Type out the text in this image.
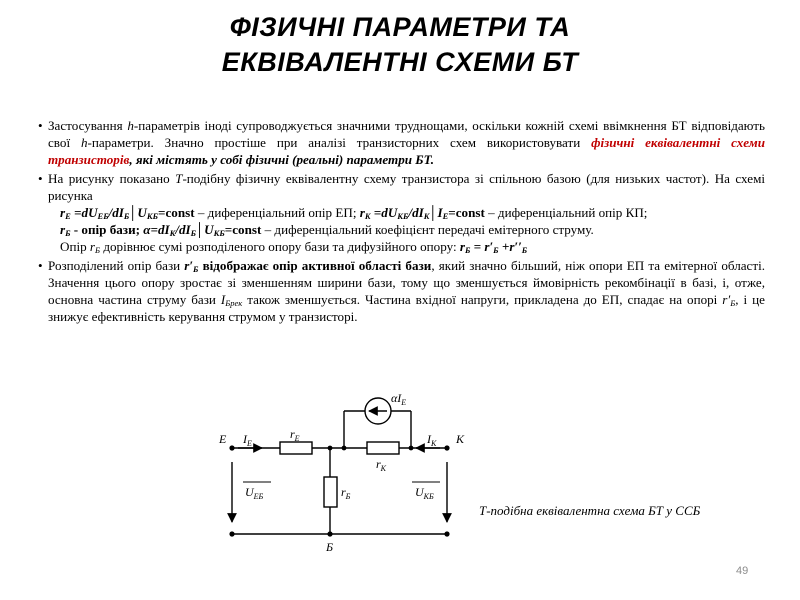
ФІЗИЧНІ ПАРАМЕТРИ ТА
ЕКВІВАЛЕНТНІ СХЕМИ БТ
• Застосування h-параметрів іноді супроводжується значними труднощами, оскільки кожній схемі ввімкнення БТ відповідають свої h-параметри. Значно простіше при аналізі транзисторних схем використовувати фізичні еквівалентні схеми транзисторів, які містять у собі фізичні (реальні) параметри БТ.
• На рисунку показано Т-подібну фізичну еквівалентну схему транзистора зі спільною базою (для низьких частот). На схемі рисунка
$r_E$ $=dU_{ЕБ}/dI_Б│U_{КБ}=const$ – диференціальний опір ЕП; $r_K$ $=dU_{КБ}/dI_K│I_E=const$ – диференціальний опір КП;
$r_Б$ - опір бази; $\alpha=dI_К/dI_Б│U_{КБ}=const$ – диференціальний коефіцієнт передачі емітерного струму.
Опір $r_Б$ дорівнює сумі розподіленого опору бази та дифузійного опору: $r_Б = r'_Б +r''_Б$
• Розподілений опір бази $r'_Б$ відображає опір активної області бази, який значно більший, ніж опори ЕП та емітерної області. Значення цього опору зростає зі зменшенням ширини бази, тому що зменшується ймовірність рекомбінації в базі, і, отже, основна частина струму бази $I_{Брек}$ також зменшується. Частина вхідної напруги, прикладена до ЕП, спадає на опорі $r'_Б$, і це знижує ефективність керування струмом у транзисторі.
$\alpha I_E$
E $I_E$
$r_E$
$r_K$
$I_K$ K
$r_Б$
$U_{ЕБ}$	$U_{КБ}$
Б
Т-подібна еквівалентна схема БТ у ССБ
49
